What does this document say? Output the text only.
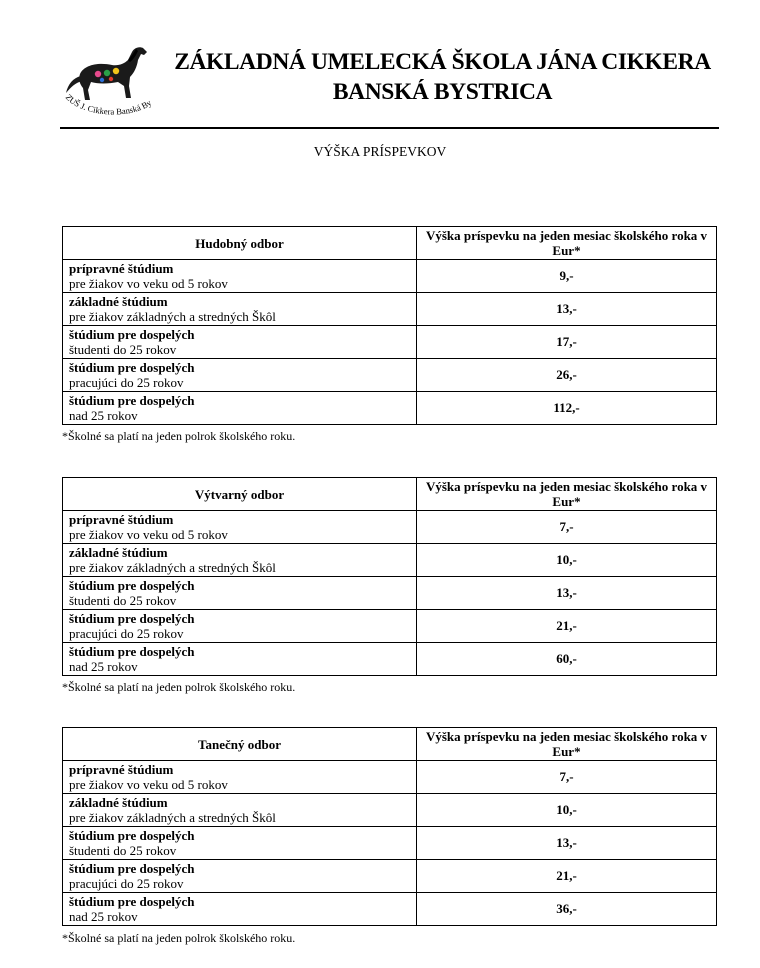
ZUŠ J. Cikkera Banská By
ZÁKLADNÁ UMELECKÁ ŠKOLA JÁNA CIKKERA
BANSKÁ BYSTRICA
VÝŠKA PRÍSPEVKOV
Hudobný odbor	Výška príspevku na jeden mesiac školského roka v Eur*

prípravné štúdium
pre žiakov vo veku od 5 rokov	9,-

základné štúdium
pre žiakov základných a stredných Škôl	13,-

štúdium pre dospelých
študenti do 25 rokov	17,-

štúdium pre dospelých
pracujúci do 25 rokov	26,-

štúdium pre dospelých
nad 25 rokov	112,-
*Školné sa platí na jeden polrok školského roku.
Výtvarný odbor	Výška príspevku na jeden mesiac školského roka v Eur*

prípravné štúdium
pre žiakov vo veku od 5 rokov	7,-

základné štúdium
pre žiakov základných a stredných Škôl	10,-

štúdium pre dospelých
študenti do 25 rokov	13,-

štúdium pre dospelých
pracujúci do 25 rokov	21,-

štúdium pre dospelých
nad 25 rokov	60,-
*Školné sa platí na jeden polrok školského roku.
Tanečný odbor	Výška príspevku na jeden mesiac školského roka v Eur*

prípravné štúdium
pre žiakov vo veku od 5 rokov	7,-

základné štúdium
pre žiakov základných a stredných Škôl	10,-

štúdium pre dospelých
študenti do 25 rokov	13,-

štúdium pre dospelých
pracujúci do 25 rokov	21,-

štúdium pre dospelých
nad 25 rokov	36,-
*Školné sa platí na jeden polrok školského roku.
